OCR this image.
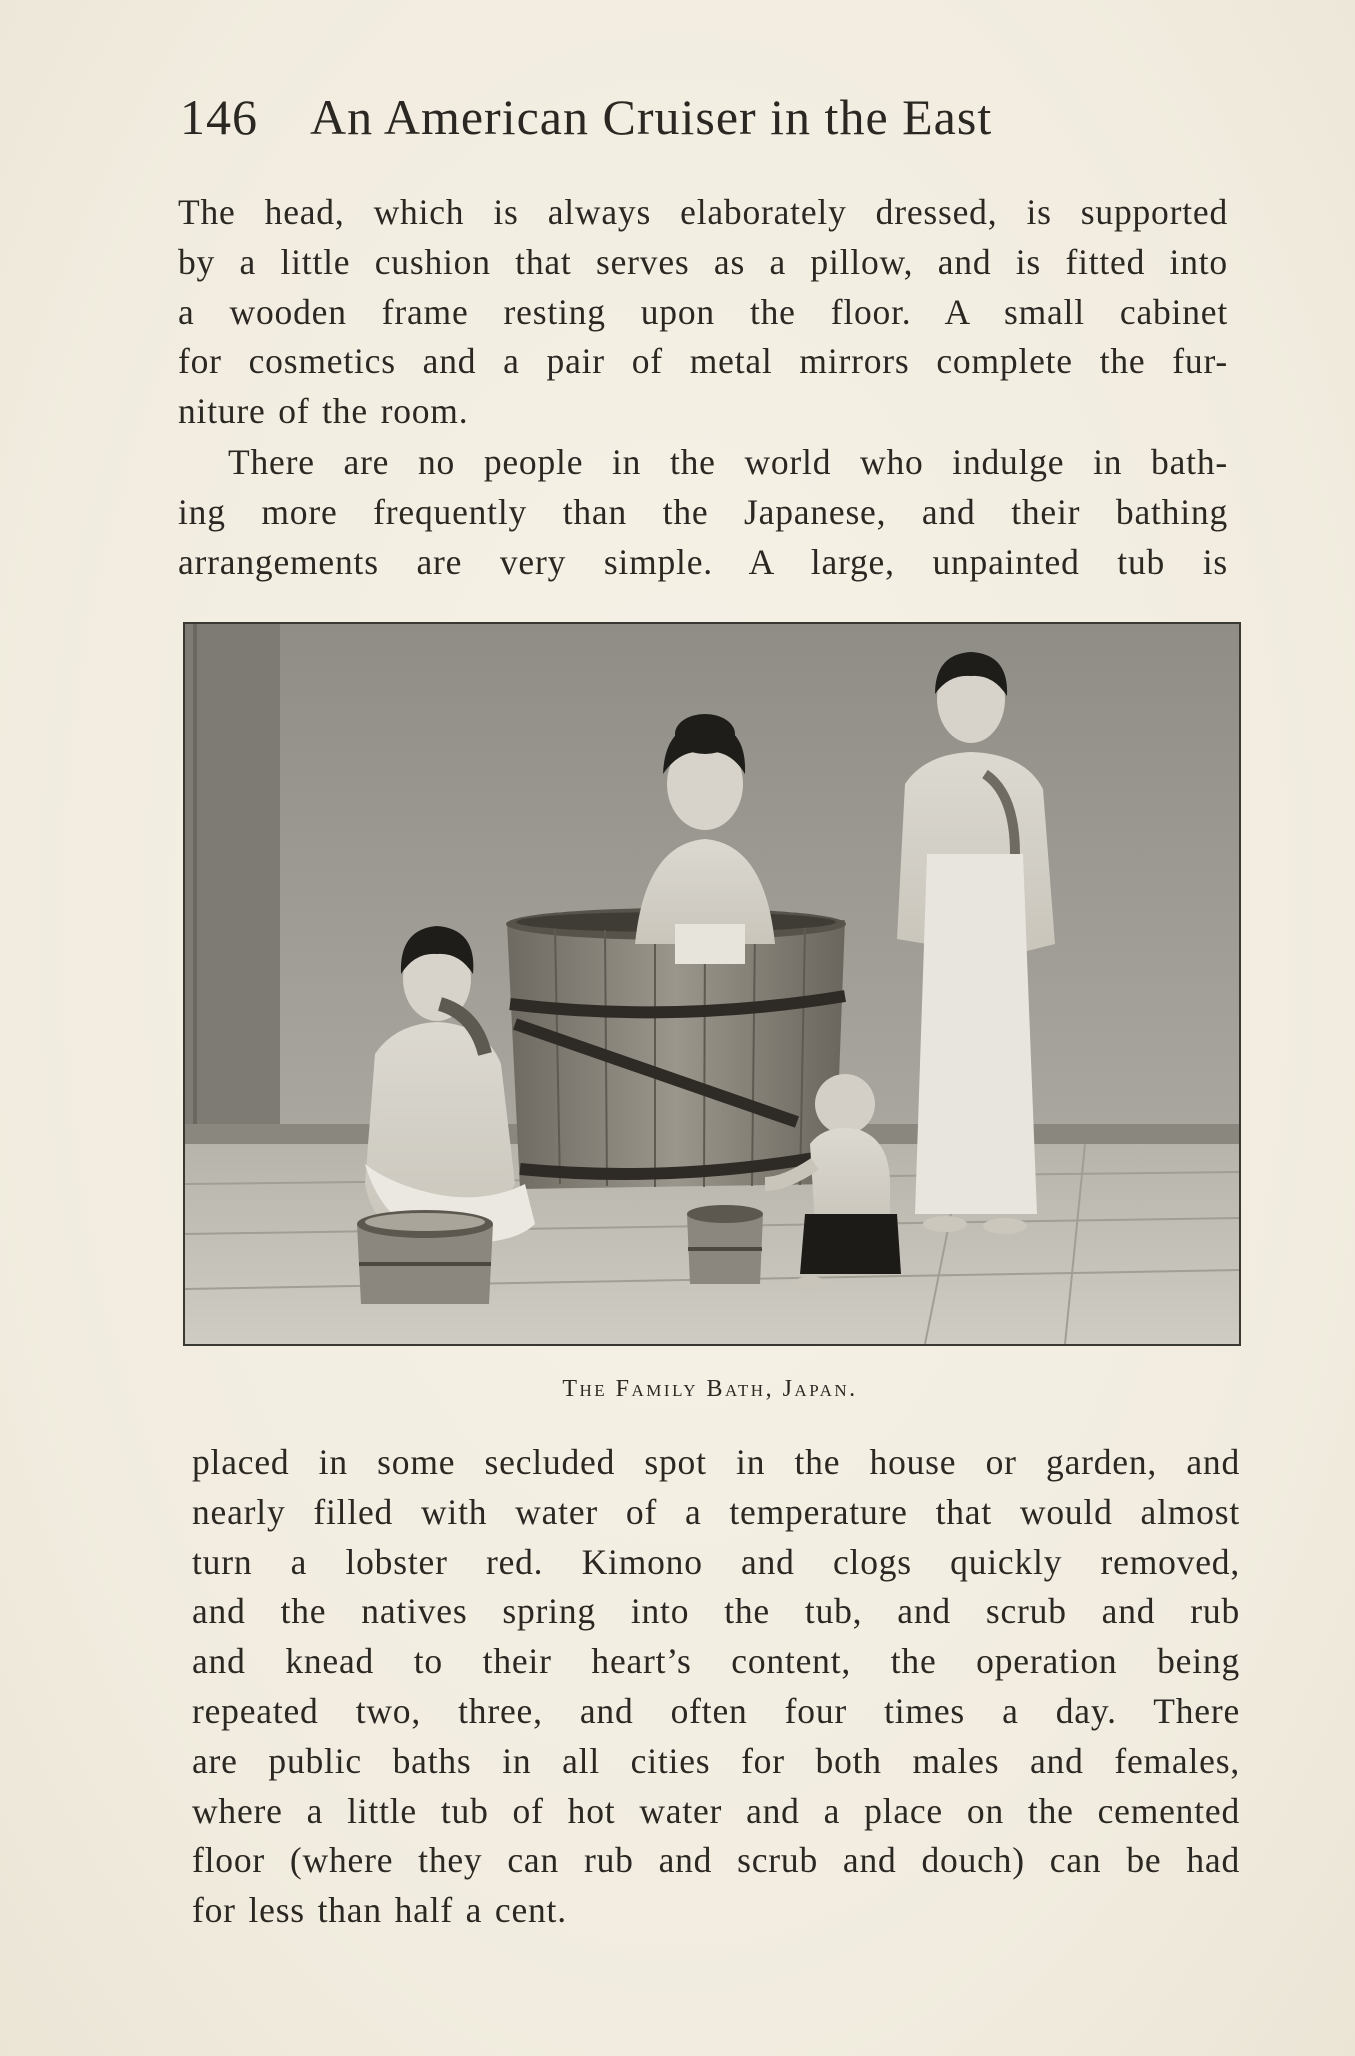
146 An American Cruiser in the East
The head, which is always elaborately dressed, is supported
by a little cushion that serves as a pillow, and is fitted into
a wooden frame resting upon the floor. A small cabinet
for cosmetics and a pair of metal mirrors complete the fur-
niture of the room.
There are no people in the world who indulge in bath-
ing more frequently than the Japanese, and their bathing
arrangements are very simple. A large, unpainted tub is
The Family Bath, Japan.
placed in some secluded spot in the house or garden, and
nearly filled with water of a temperature that would almost
turn a lobster red. Kimono and clogs quickly removed,
and the natives spring into the tub, and scrub and rub
and knead to their heart’s content, the operation being
repeated two, three, and often four times a day. There
are public baths in all cities for both males and females,
where a little tub of hot water and a place on the cemented
floor (where they can rub and scrub and douch) can be had
for less than half a cent.
